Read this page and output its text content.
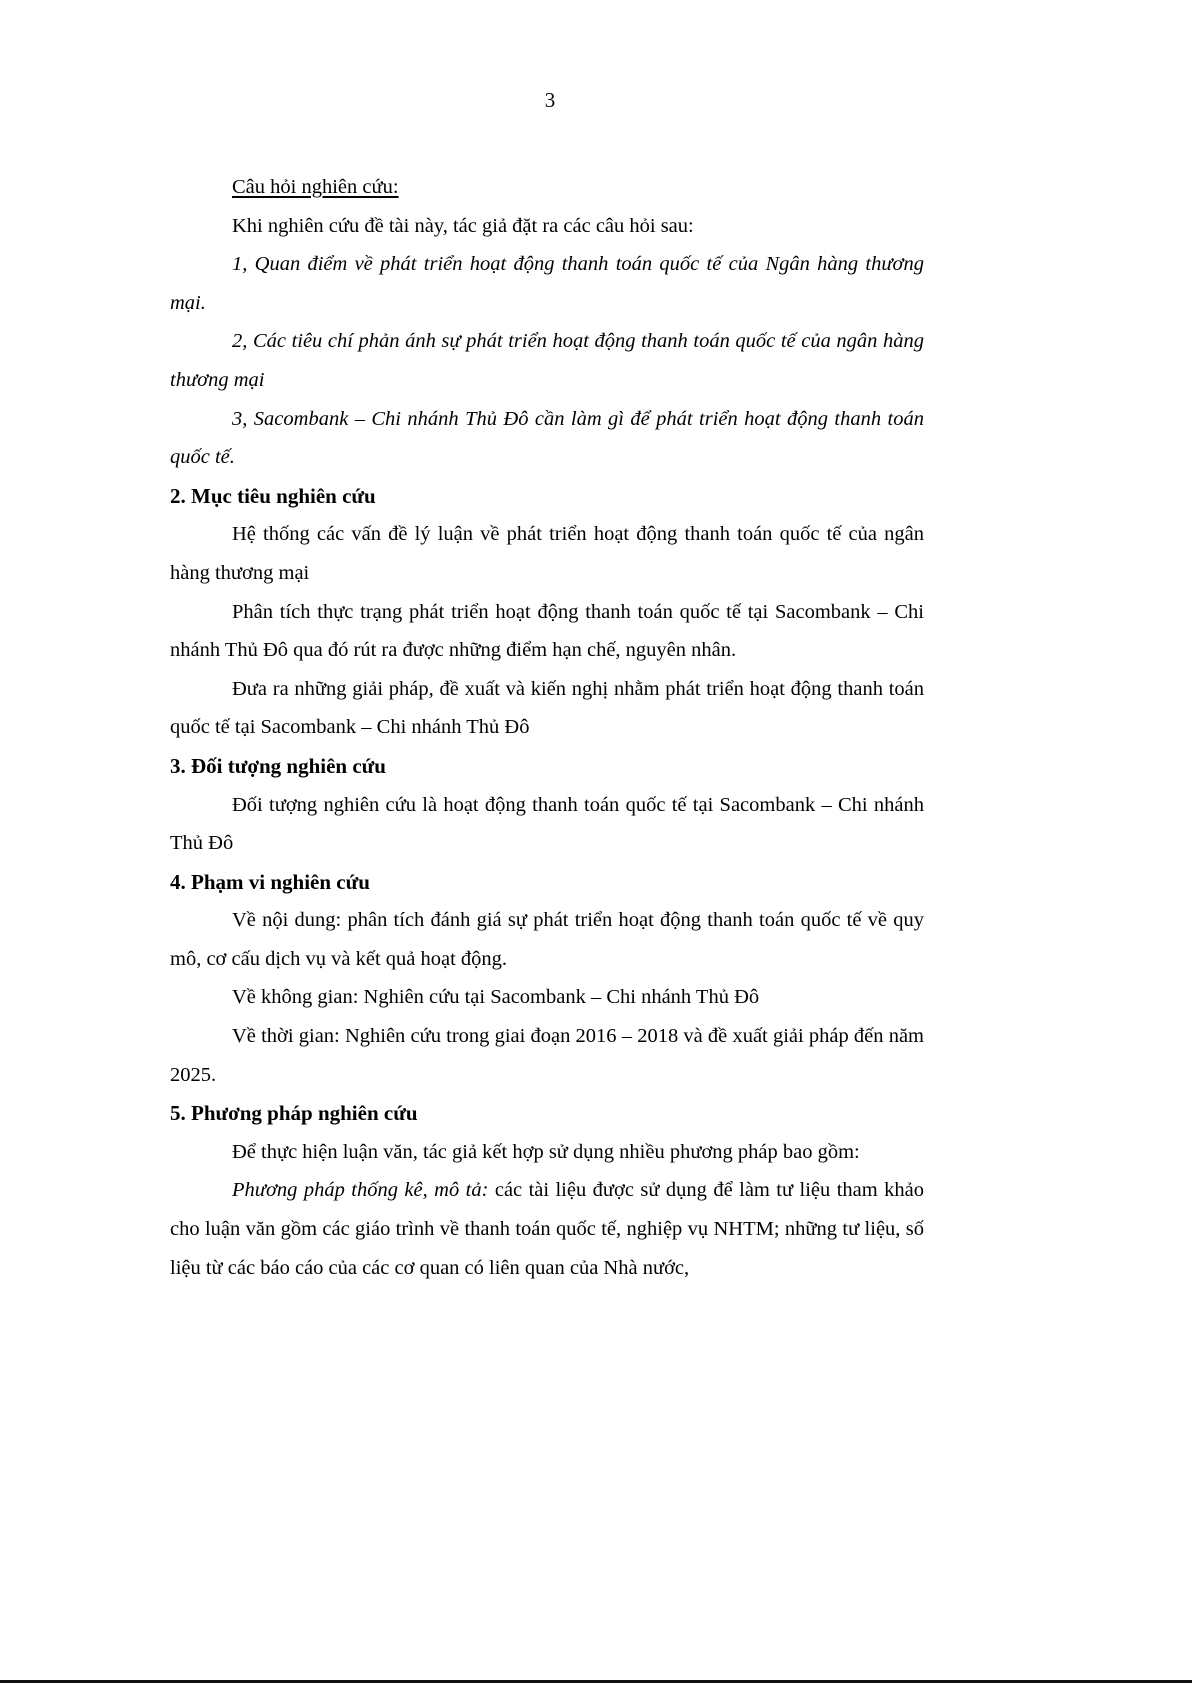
3

Câu hỏi nghiên cứu:

Khi nghiên cứu đề tài này, tác giả đặt ra các câu hỏi sau:

1, Quan điểm về phát triển hoạt động thanh toán quốc tế của Ngân hàng thương mại.

2, Các tiêu chí phản ánh sự phát triển hoạt động thanh toán quốc tế của ngân hàng thương mại

3, Sacombank – Chi nhánh Thủ Đô cần làm gì để phát triển hoạt động thanh toán quốc tế.

2. Mục tiêu nghiên cứu

Hệ thống các vấn đề lý luận về phát triển hoạt động thanh toán quốc tế của ngân hàng thương mại

Phân tích thực trạng phát triển hoạt động thanh toán quốc tế tại Sacombank – Chi nhánh Thủ Đô qua đó rút ra được những điểm hạn chế, nguyên nhân.

Đưa ra những giải pháp, đề xuất và kiến nghị nhằm phát triển hoạt động thanh toán quốc tế tại Sacombank – Chi nhánh Thủ Đô

3. Đối tượng nghiên cứu

Đối tượng nghiên cứu là hoạt động thanh toán quốc tế tại Sacombank – Chi nhánh Thủ Đô

4. Phạm vi nghiên cứu

Về nội dung: phân tích đánh giá sự phát triển hoạt động thanh toán quốc tế về quy mô, cơ cấu dịch vụ và kết quả hoạt động.

Về không gian: Nghiên cứu tại Sacombank – Chi nhánh Thủ Đô

Về thời gian: Nghiên cứu trong giai đoạn 2016 – 2018 và đề xuất giải pháp đến năm 2025.

5. Phương pháp nghiên cứu

Để thực hiện luận văn, tác giả kết hợp sử dụng nhiều phương pháp bao gồm:

Phương pháp thống kê, mô tả: các tài liệu được sử dụng để làm tư liệu tham khảo cho luận văn gồm các giáo trình về thanh toán quốc tế, nghiệp vụ NHTM; những tư liệu, số liệu từ các báo cáo của các cơ quan có liên quan của Nhà nước,
